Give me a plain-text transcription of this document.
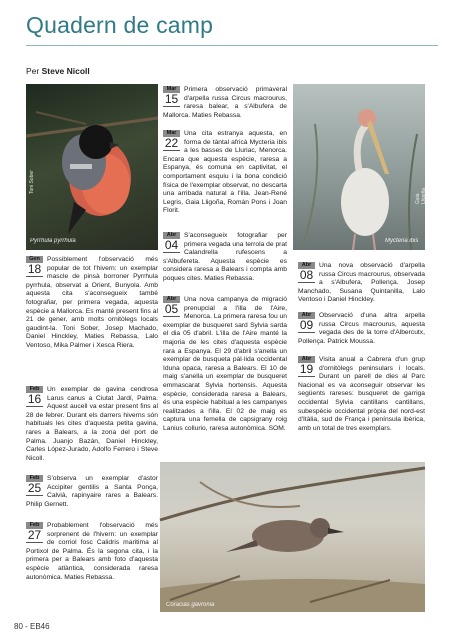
Quadern de camp
Per Steve Nicoll
Pyrrhula pyrrhula
Toni Sober
Mycteria ibis
Gaia Lligoña
Coracias gavronia
Gen
18
Possiblement l'observació més popular de tot l'hivern: un exemplar mascle de pinsà borroner Pyrrhula pyrrhula, observat a Orient, Bunyola. Amb aquesta cita s'aconsegueix també fotografiar, per primera vegada, aquesta espècie a Mallorca. Es manté present fins al 21 de gener, amb molts ornitòlegs locals gaudint-la. Toni Sober, Josep Machado, Daniel Hinckley, Maties Rebassa, Lalo Ventoso, Mika Palmer i Xesca Riera.
Feb
16
Un exemplar de gavina cendrosa Larus canus a Ciutat Jardí, Palma. Aquest aucell va estar present fins al 28 de febrer. Durant els darrers hiverns són habituals les cites d'aquesta petita gavina, rares a Balears, a la zona del port de Palma. Juanjo Bazán, Daniel Hinckley, Carles López-Jurado, Adolfo Ferrero i Steve Nicoll.
Feb
25
S'observa un exemplar d'astor Accipiter gentilis a Santa Ponça, Calvià, rapinyaire rares a Balears. Philip Gernett.
Feb
27
Probablement l'observació més sorprenent de l'hivern: un exemplar de corriol fosc Calidris maritima al Portixol de Palma. És la segona cita, i la primera per a Balears amb foto d'aquesta espècie atlàntica, considerada raresa autonòmica. Maties Rebassa.
Mar
15
Primera observació primaveral d'arpella russa Circus macrourus, raresa balear, a s'Albufera de Mallorca. Maties Rebassa.
Mar
22
Una cita estranya aquesta, en forma de tàntal africà Mycteria ibis a les basses de Lluriac, Menorca. Encara que aquesta espècie, raresa a Espanya, és comuna en captivitat, el comportament esquiu i la bona condició física de l'exemplar observat, no descarta una arribada natural a l'illa. Jean-René Legris, Gaia Lligoña, Román Pons i Joan Florit.
Abr
04
S'aconsegueix fotografiar per primera vegada una terrola de prat Calandrella rufescens a s'Albufereta. Aquesta espècie es considera raresa a Balears i compta amb poques cites. Maties Rebassa.
Abr
05
Una nova campanya de migració prenupcial a l'illa de l'Aire, Menorca. La primera raresa fou un exemplar de busqueret sard Sylvia sarda el dia 05 d'abril. L'illa de l'Aire manté la majoria de les cites d'aquesta espècie rara a Espanya. El 29 d'abril s'anella un exemplar de busqueta pàl·lida occidental Iduna opaca, raresa a Balears. El 10 de maig s'anella un exemplar de busqueret emmascarat Sylvia hortensis. Aquesta espècie, considerada raresa a Balears, és una espècie habitual a les campanyes realitzades a l'illa. El 02 de maig es captura una femella de capsigrany roig Lanius collurio, raresa autonòmica. SOM.
Abr
08
Una nova observació d'arpella russa Circus macrourus, observada a s'Albufera, Pollença. Josep Manchado, Susana Quintanilla, Lalo Ventoso i Daniel Hinckley.
Abr
09
Observació d'una altra arpella russa Circus macrourus, aquesta vegada des de la torre d'Albercutx, Pollença. Patrick Moussa.
Abr
19
Visita anual a Cabrera d'un grup d'ornitòlegs peninsulars i locals. Durant un parell de dies al Parc Nacional es va aconseguir observar les següents rareses: busqueret de garriga occidental Sylvia cantillans cantillans, subespècie occidental pròpia del nord-est d'Itàlia, sud de França i península ibèrica, amb un total de tres exemplars.
80 - EB46
